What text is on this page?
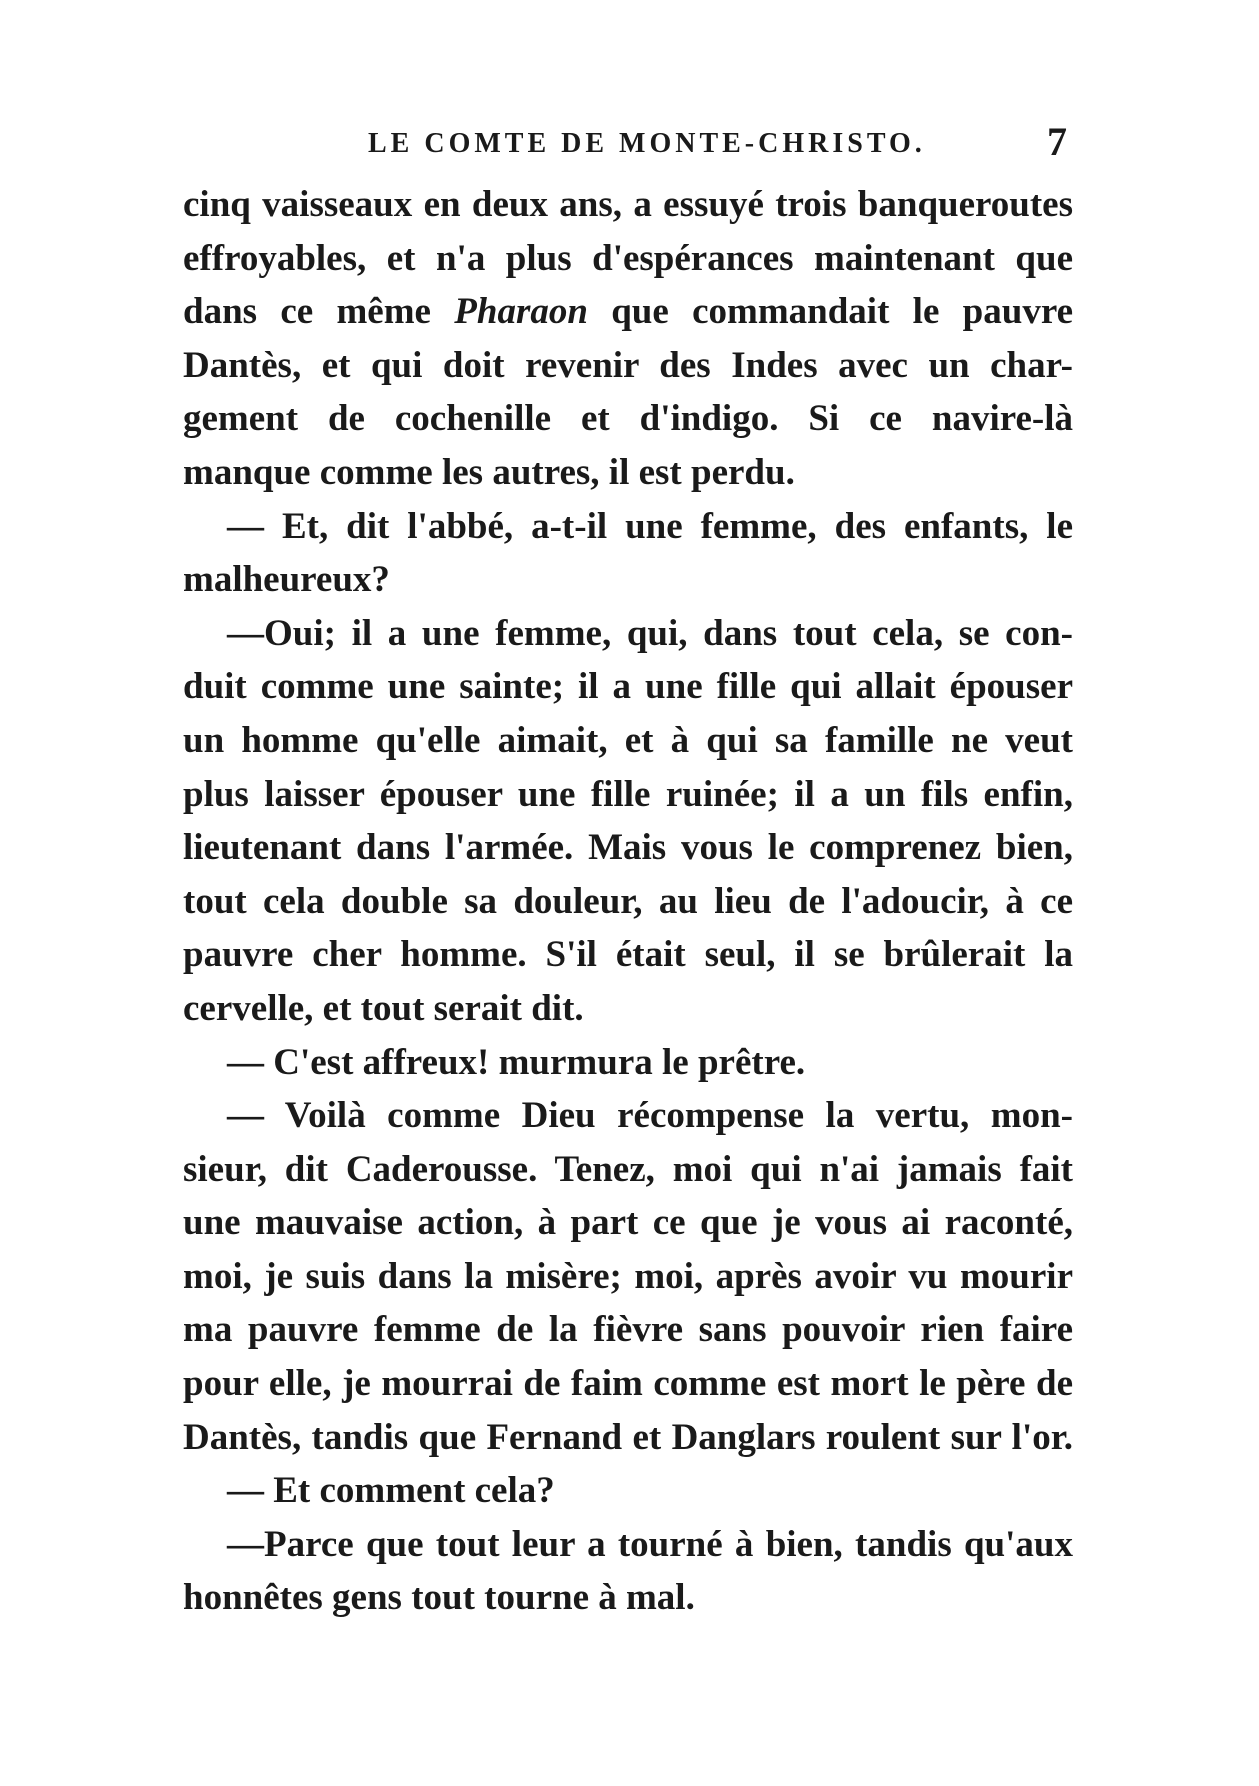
LE COMTE DE MONTE-CHRISTO.	7
cinq vaisseaux en deux ans, a essuyé trois banqueroutes
effroyables, et n'a plus d'espérances maintenant que
dans ce même Pharaon que commandait le pauvre
Dantès, et qui doit revenir des Indes avec un char-
gement de cochenille et d'indigo. Si ce navire-là
manque comme les autres, il est perdu.
— Et, dit l'abbé, a-t-il une femme, des enfants, le
malheureux?
—Oui; il a une femme, qui, dans tout cela, se con-
duit comme une sainte; il a une fille qui allait épouser
un homme qu'elle aimait, et à qui sa famille ne veut
plus laisser épouser une fille ruinée; il a un fils enfin,
lieutenant dans l'armée. Mais vous le comprenez bien,
tout cela double sa douleur, au lieu de l'adoucir, à ce
pauvre cher homme. S'il était seul, il se brûlerait la
cervelle, et tout serait dit.
— C'est affreux! murmura le prêtre.
— Voilà comme Dieu récompense la vertu, mon-
sieur, dit Caderousse. Tenez, moi qui n'ai jamais fait
une mauvaise action, à part ce que je vous ai raconté,
moi, je suis dans la misère; moi, après avoir vu mourir
ma pauvre femme de la fièvre sans pouvoir rien faire
pour elle, je mourrai de faim comme est mort le père de
Dantès, tandis que Fernand et Danglars roulent sur l'or.
— Et comment cela?
—Parce que tout leur a tourné à bien, tandis qu'aux
honnêtes gens tout tourne à mal.
